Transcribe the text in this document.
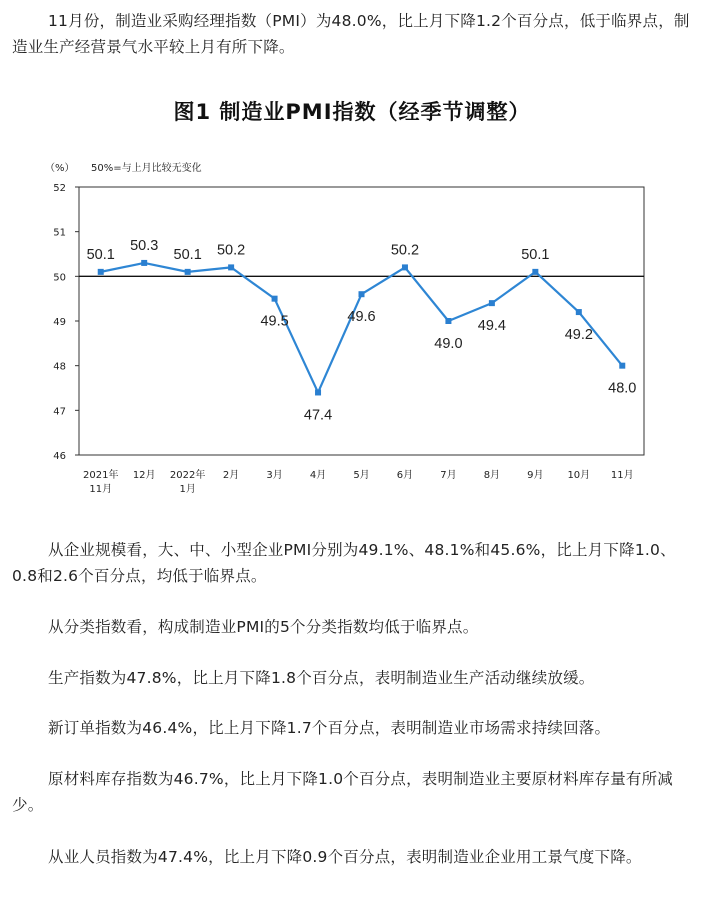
11月份，制造业采购经理指数（PMI）为48.0%，比上月下降1.2个百分点，低于临界点，制造业生产经营景气水平较上月有所下降。

图1 制造业PMI指数（经季节调整）
46
47
48
49
50
51
52
（%） 50%=与上月比较无变化
2021年
11月
12月 2022年
1月
2月	3月	4月	5月	6月	7月	8月	9月 10月 11月
50.1
50.3
50.1 50.2
49.5
47.4
49.6
50.2
49.0
49.4
50.1
49.2
48.0

从企业规模看，大、中、小型企业PMI分别为49.1%、48.1%和45.6%，比上月下降1.0、0.8和2.6个百分点，均低于临界点。

从分类指数看，构成制造业PMI的5个分类指数均低于临界点。

生产指数为47.8%，比上月下降1.8个百分点，表明制造业生产活动继续放缓。

新订单指数为46.4%，比上月下降1.7个百分点，表明制造业市场需求持续回落。

原材料库存指数为46.7%，比上月下降1.0个百分点，表明制造业主要原材料库存量有所减少。

从业人员指数为47.4%，比上月下降0.9个百分点，表明制造业企业用工景气度下降。
